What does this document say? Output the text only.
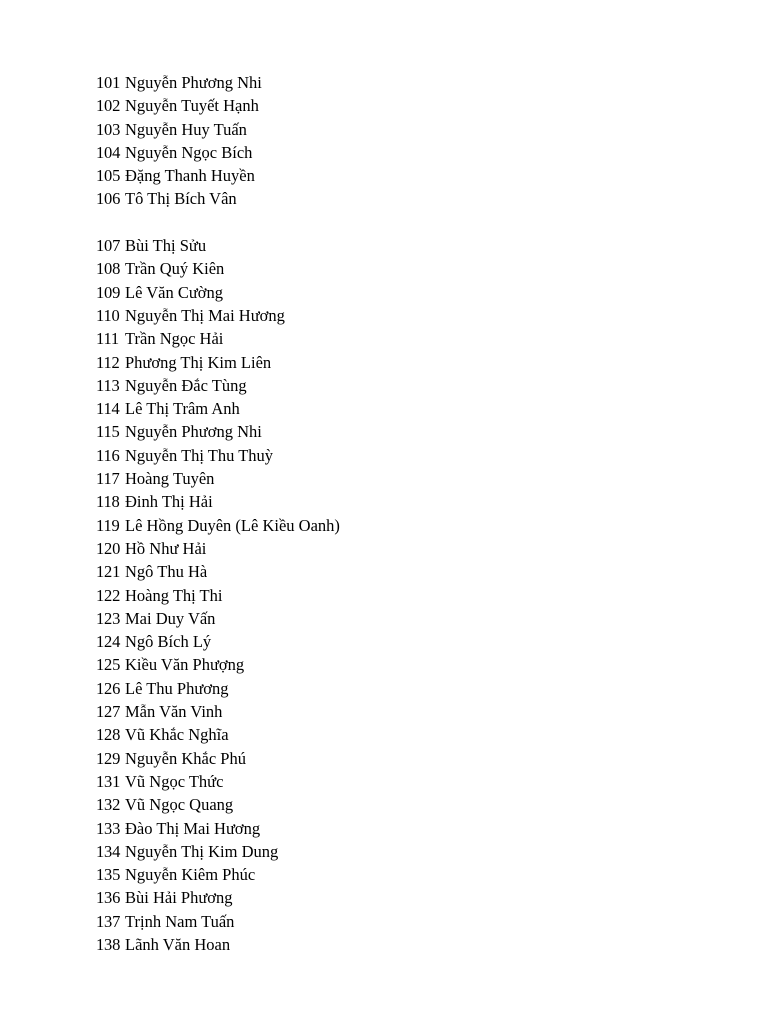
101 Nguyễn Phương Nhi
102 Nguyễn Tuyết Hạnh
103 Nguyễn Huy Tuấn
104 Nguyễn Ngọc Bích
105 Đặng Thanh Huyền
106 Tô Thị Bích Vân
107 Bùi Thị Sửu
108 Trần Quý Kiên
109 Lê Văn Cường
110 Nguyễn Thị Mai Hương
111 Trần Ngọc Hải
112 Phương Thị Kim Liên
113 Nguyễn Đắc Tùng
114 Lê Thị Trâm Anh
115 Nguyễn Phương Nhi
116 Nguyễn Thị Thu Thuỳ
117 Hoàng Tuyên
118 Đinh Thị Hải
119 Lê Hồng Duyên (Lê Kiều Oanh)
120 Hồ Như Hải
121 Ngô Thu Hà
122 Hoàng Thị Thi
123 Mai Duy Vấn
124 Ngô Bích Lý
125 Kiều Văn Phượng
126 Lê Thu Phương
127 Mẫn Văn Vinh
128 Vũ Khắc Nghĩa
129 Nguyễn Khắc Phú
131 Vũ Ngọc Thức
132 Vũ Ngọc Quang
133 Đào Thị Mai Hương
134 Nguyễn Thị Kim Dung
135 Nguyễn Kiêm Phúc
136 Bùi Hải Phương
137 Trịnh Nam Tuấn
138 Lãnh Văn Hoan
